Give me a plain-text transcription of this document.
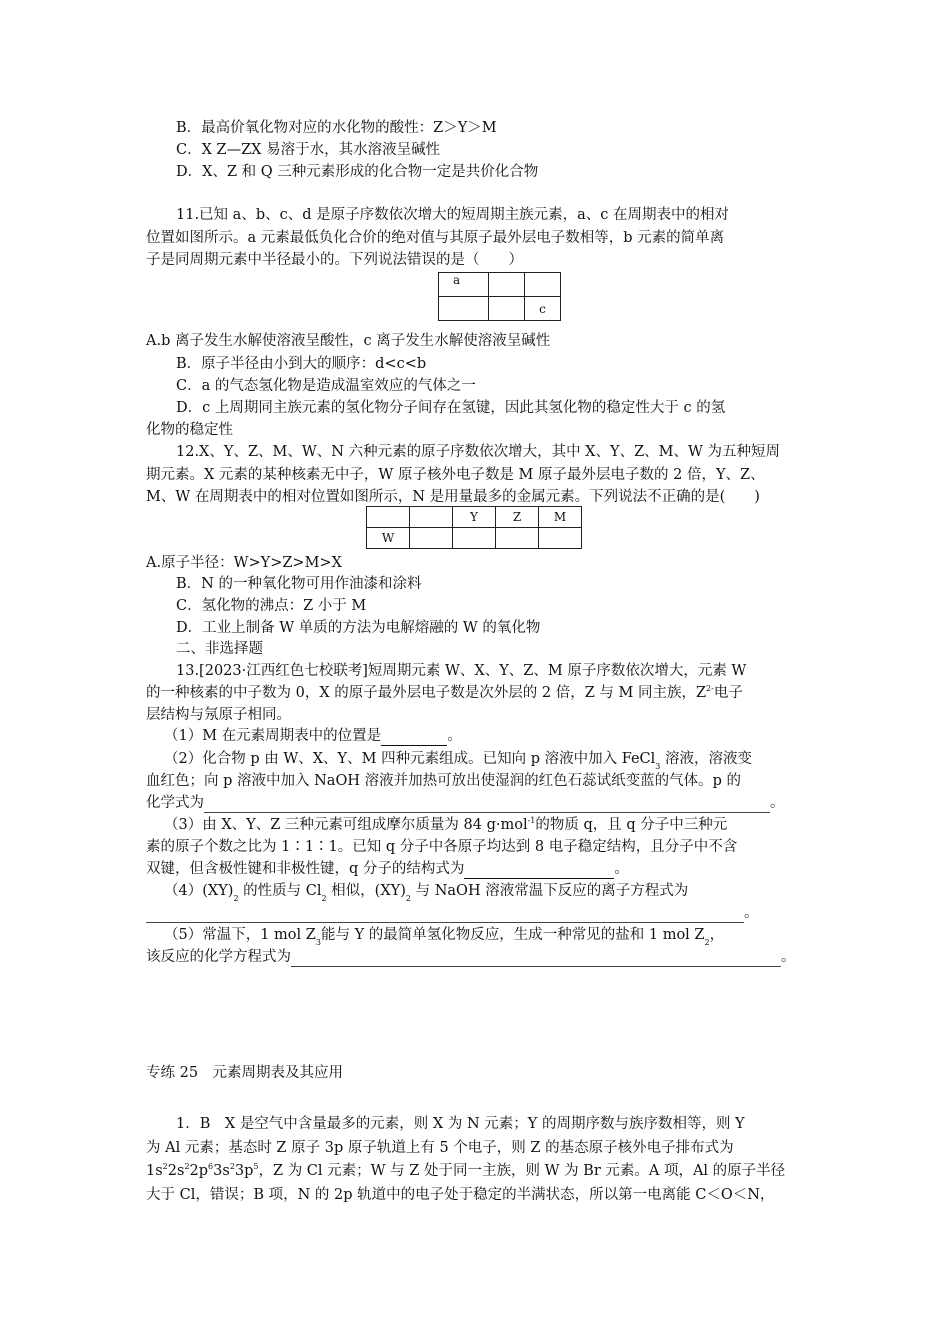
B．最高价氧化物对应的水化物的酸性：Z＞Y＞M
C．X Z—ZX 易溶于水，其水溶液呈碱性
D．X、Z 和 Q 三种元素形成的化合物一定是共价化合物
11.已知 a、b、c、d 是原子序数依次增大的短周期主族元素，a、c 在周期表中的相对
位置如图所示。a 元素最低负化合价的绝对值与其原子最外层电子数相等，b 元素的简单离
子是同周期元素中半径最小的。下列说法错误的是（　　）
a		
		c
A.b 离子发生水解使溶液呈酸性，c 离子发生水解使溶液呈碱性
B．原子半径由小到大的顺序：d<c<b
C．a 的气态氢化物是造成温室效应的气体之一
D．c 上周期同主族元素的氢化物分子间存在氢键，因此其氢化物的稳定性大于 c 的氢
化物的稳定性
12.X、Y、Z、M、W、N 六种元素的原子序数依次增大，其中 X、Y、Z、M、W 为五种短周
期元素。X 元素的某种核素无中子，W 原子核外电子数是 M 原子最外层电子数的 2 倍，Y、Z、
M、W 在周期表中的相对位置如图所示，N 是用量最多的金属元素。下列说法不正确的是(　　)
		Y	Z	M
W				
A.原子半径：W>Y>Z>M>X
B．N 的一种氧化物可用作油漆和涂料
C．氢化物的沸点：Z 小于 M
D．工业上制备 W 单质的方法为电解熔融的 W 的氧化物
二、非选择题
13.[2023·江西红色七校联考]短周期元素 W、X、Y、Z、M 原子序数依次增大，元素 W
的一种核素的中子数为 0，X 的原子最外层电子数是次外层的 2 倍，Z 与 M 同主族，$Z^{2-}$电子
层结构与氖原子相同。
（1）M 在元素周期表中的位置是	。
（2）化合物 p 由 W、X、Y、M 四种元素组成。已知向 p 溶液中加入 FeCl$_3$ 溶液，溶液变
血红色；向 p 溶液中加入 NaOH 溶液并加热可放出使湿润的红色石蕊试纸变蓝的气体。p 的
化学式为	。
（3）由 X、Y、Z 三种元素可组成摩尔质量为 84 g·mol$^{-1}$的物质 q，且 q 分子中三种元
素的原子个数之比为 1∶1∶1。已知 q 分子中各原子均达到 8 电子稳定结构，且分子中不含
双键，但含极性键和非极性键，q 分子的结构式为	。
$(4)(XY)_2$ 的性质与 $Cl_2$ 相似，$(XY)_2$ 与 NaOH 溶液常温下反应的离子方程式为
。
（5）常温下，1 mol $Z_3$能与 Y 的最简单氢化物反应，生成一种常见的盐和 1 mol $Z_2$，
该反应的化学方程式为	。
专练 25　元素周期表及其应用
1．B　X 是空气中含量最多的元素，则 X 为 N 元素；Y 的周期序数与族序数相等，则 Y
为 Al 元素；基态时 Z 原子 3p 原子轨道上有 5 个电子，则 Z 的基态原子核外电子排布式为
$1s^22s^22p^63s^23p^5$，Z 为 Cl 元素；W 与 Z 处于同一主族，则 W 为 Br 元素。A 项，Al 的原子半径
大于 Cl，错误；B 项，N 的 2p 轨道中的电子处于稳定的半满状态，所以第一电离能 C＜O＜N，
